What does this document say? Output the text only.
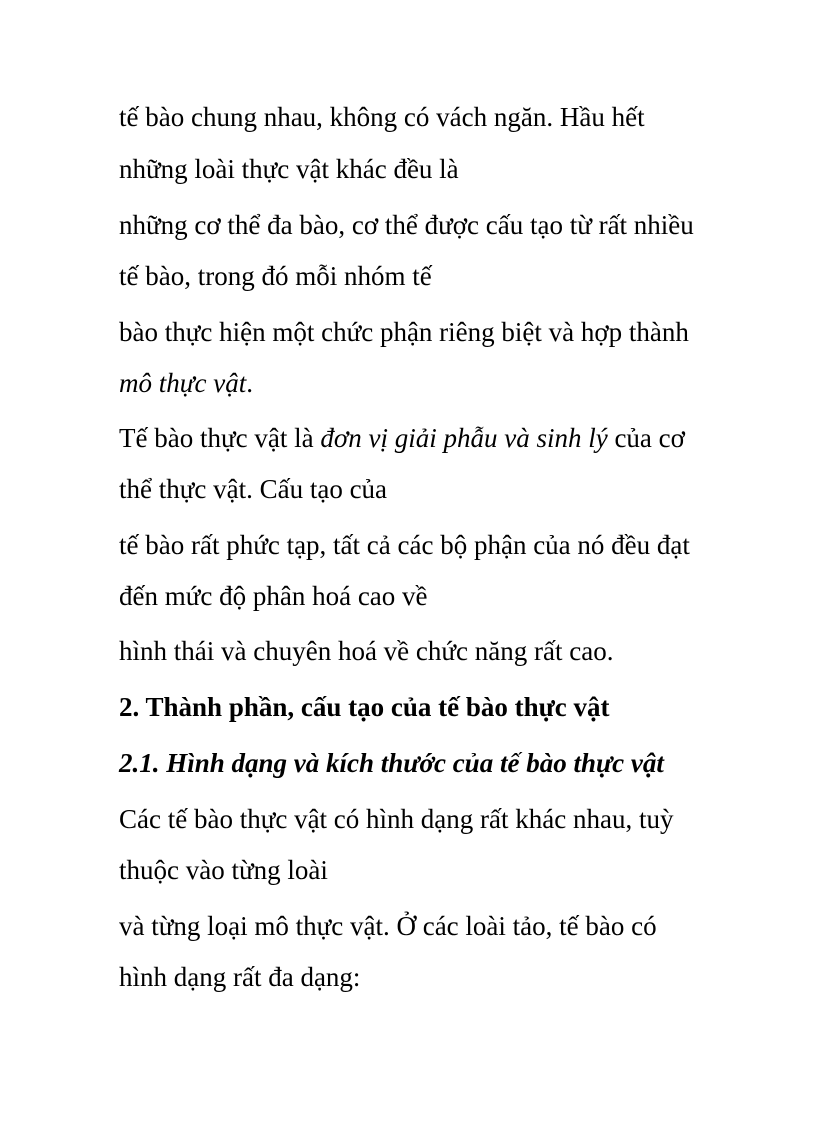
tế bào chung nhau, không có vách ngăn. Hầu hết

những loài thực vật khác đều là

những cơ thể đa bào, cơ thể được cấu tạo từ rất nhiều

tế bào, trong đó mỗi nhóm tế

bào thực hiện một chức phận riêng biệt và hợp thành

mô thực vật.

Tế bào thực vật là đơn vị giải phẫu và sinh lý của cơ

thể thực vật. Cấu tạo của

tế bào rất phức tạp, tất cả các bộ phận của nó đều đạt

đến mức độ phân hoá cao về

hình thái và chuyên hoá về chức năng rất cao.

2. Thành phần, cấu tạo của tế bào thực vật

2.1. Hình dạng và kích thước của tế bào thực vật

Các tế bào thực vật có hình dạng rất khác nhau, tuỳ

thuộc vào từng loài

và từng loại mô thực vật. Ở các loài tảo, tế bào có

hình dạng rất đa dạng:
